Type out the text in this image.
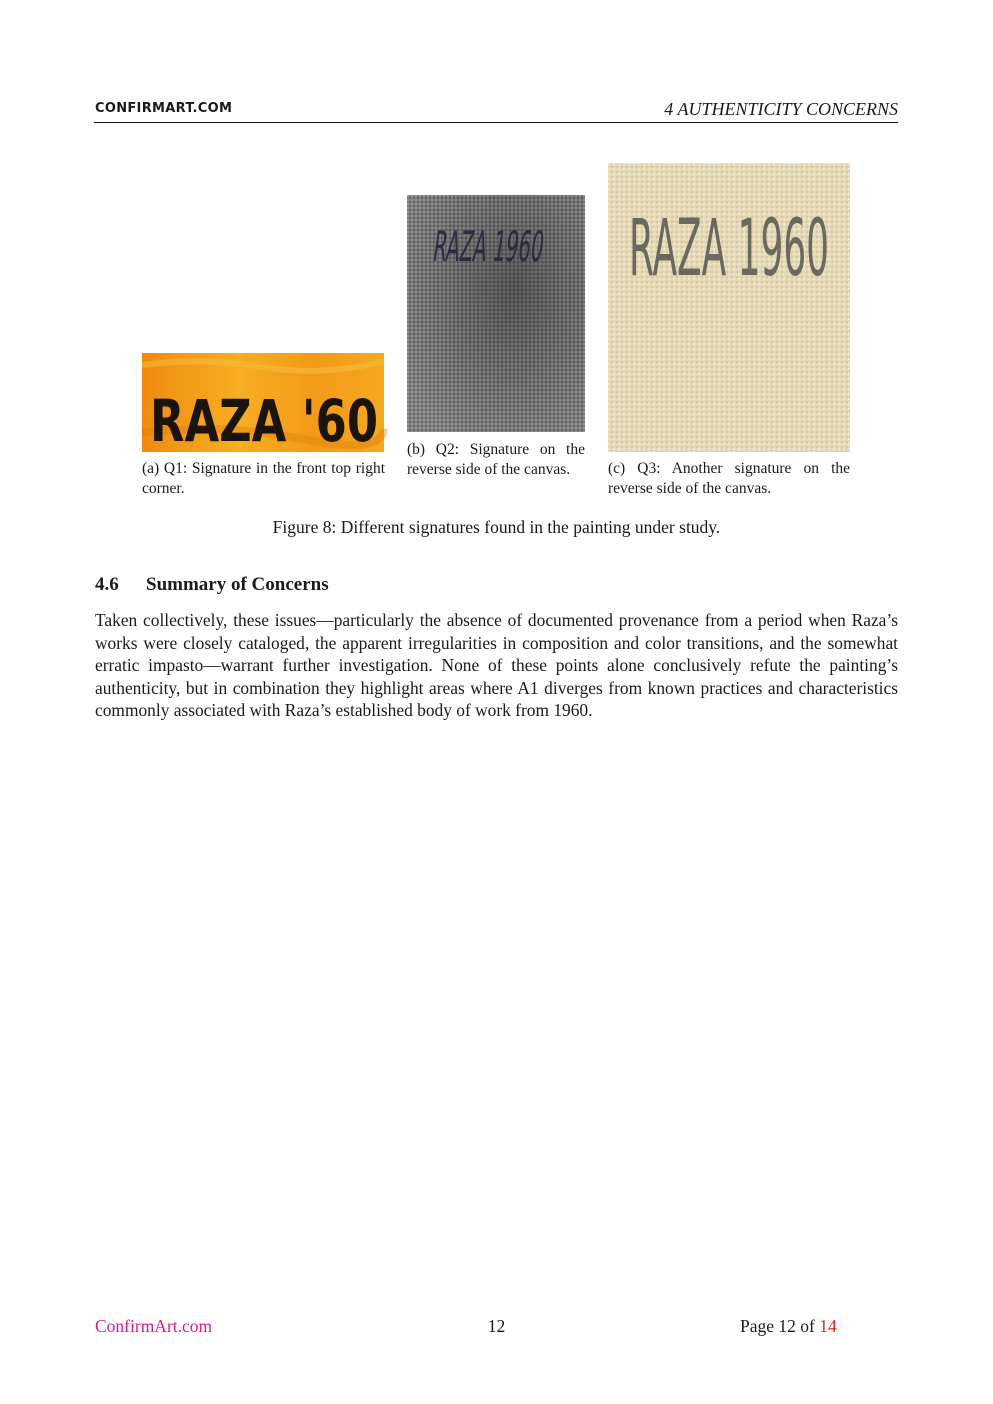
CONFIRMART.COM	4 AUTHENTICITY CONCERNS
RAZA '60
(a) Q1: Signature in the front top right corner.
(b) Q2: Signature on the reverse side of the canvas.
RAZA 1960
(c) Q3: Another signature on the reverse side of the canvas.
Figure 8: Different signatures found in the painting under study.
4.6 Summary of Concerns
Taken collectively, these issues—particularly the absence of documented provenance from a period when Raza’s works were closely cataloged, the apparent irregularities in composition and color transitions, and the somewhat erratic impasto—warrant further investigation. None of these points alone conclusively refute the painting’s authenticity, but in combination they highlight areas where A1 diverges from known practices and characteristics commonly associated with Raza’s established body of work from 1960.
ConfirmArt.com	12	Page 12 of 14
